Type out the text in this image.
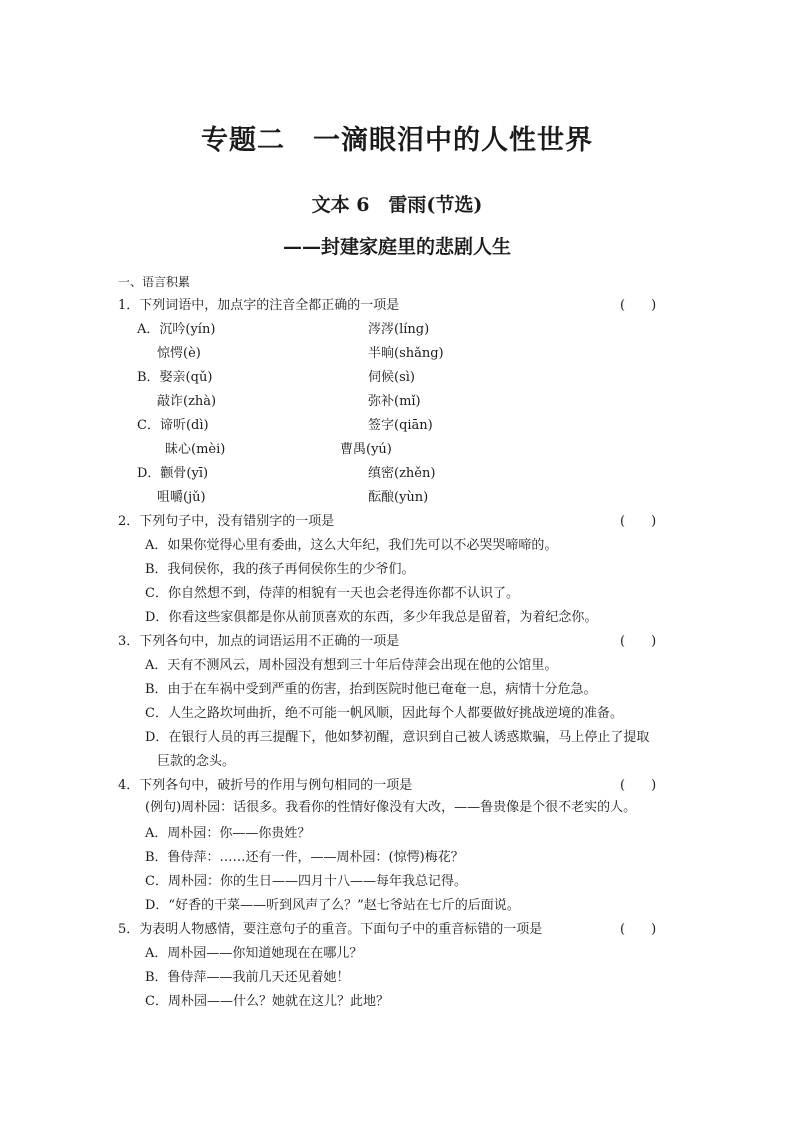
专题二　一滴眼泪中的人性世界
文本 6　雷雨(节选)
——封建家庭里的悲剧人生
一、语言积累
1．下列词语中，加点字的注音全都正确的一项是	(　　)
A．沉吟(yín)	涔涔(líng)
惊愕(è)	半晌(shǎng)
B．娶亲(qǔ)	伺候(sì)
敲诈(zhà)	弥补(mǐ)
C．谛听(dì)	签字(qiān)
昧心(mèi)	曹禺(yú)
D．颧骨(yī)	缜密(zhěn)
咀嚼(jǔ)	酝酿(yùn)
2．下列句子中，没有错别字的一项是	(　　)
A．如果你觉得心里有委曲，这么大年纪，我们先可以不必哭哭啼啼的。
B．我伺侯你，我的孩子再伺侯你生的少爷们。
C．你自然想不到，侍萍的相貌有一天也会老得连你都不认识了。
D．你看这些家俱都是你从前顶喜欢的东西，多少年我总是留着，为着纪念你。
3．下列各句中，加点的词语运用不正确的一项是	(　　)
A．天有不测风云，周朴园没有想到三十年后侍萍会出现在他的公馆里。
B．由于在车祸中受到严重的伤害，抬到医院时他已奄奄一息，病情十分危急。
C．人生之路坎坷曲折，绝不可能一帆风顺，因此每个人都要做好挑战逆境的准备。
D．在银行人员的再三提醒下，他如梦初醒，意识到自己被人诱惑欺骗，马上停止了提取
巨款的念头。
4．下列各句中，破折号的作用与例句相同的一项是	(　　)
(例句)周朴园：话很多。我看你的性情好像没有大改，——鲁贵像是个很不老实的人。
A．周朴园：你——你贵姓？
B．鲁侍萍：……还有一件，——周朴园：(惊愕)梅花？
C．周朴园：你的生日——四月十八——每年我总记得。
D．“好香的干菜——听到风声了么？”赵七爷站在七斤的后面说。
5．为表明人物感情，要注意句子的重音。下面句子中的重音标错的一项是	(　　)
A．周朴园——你知道她现在在哪儿？
B．鲁侍萍——我前几天还见着她！
C．周朴园——什么？她就在这儿？此地？
